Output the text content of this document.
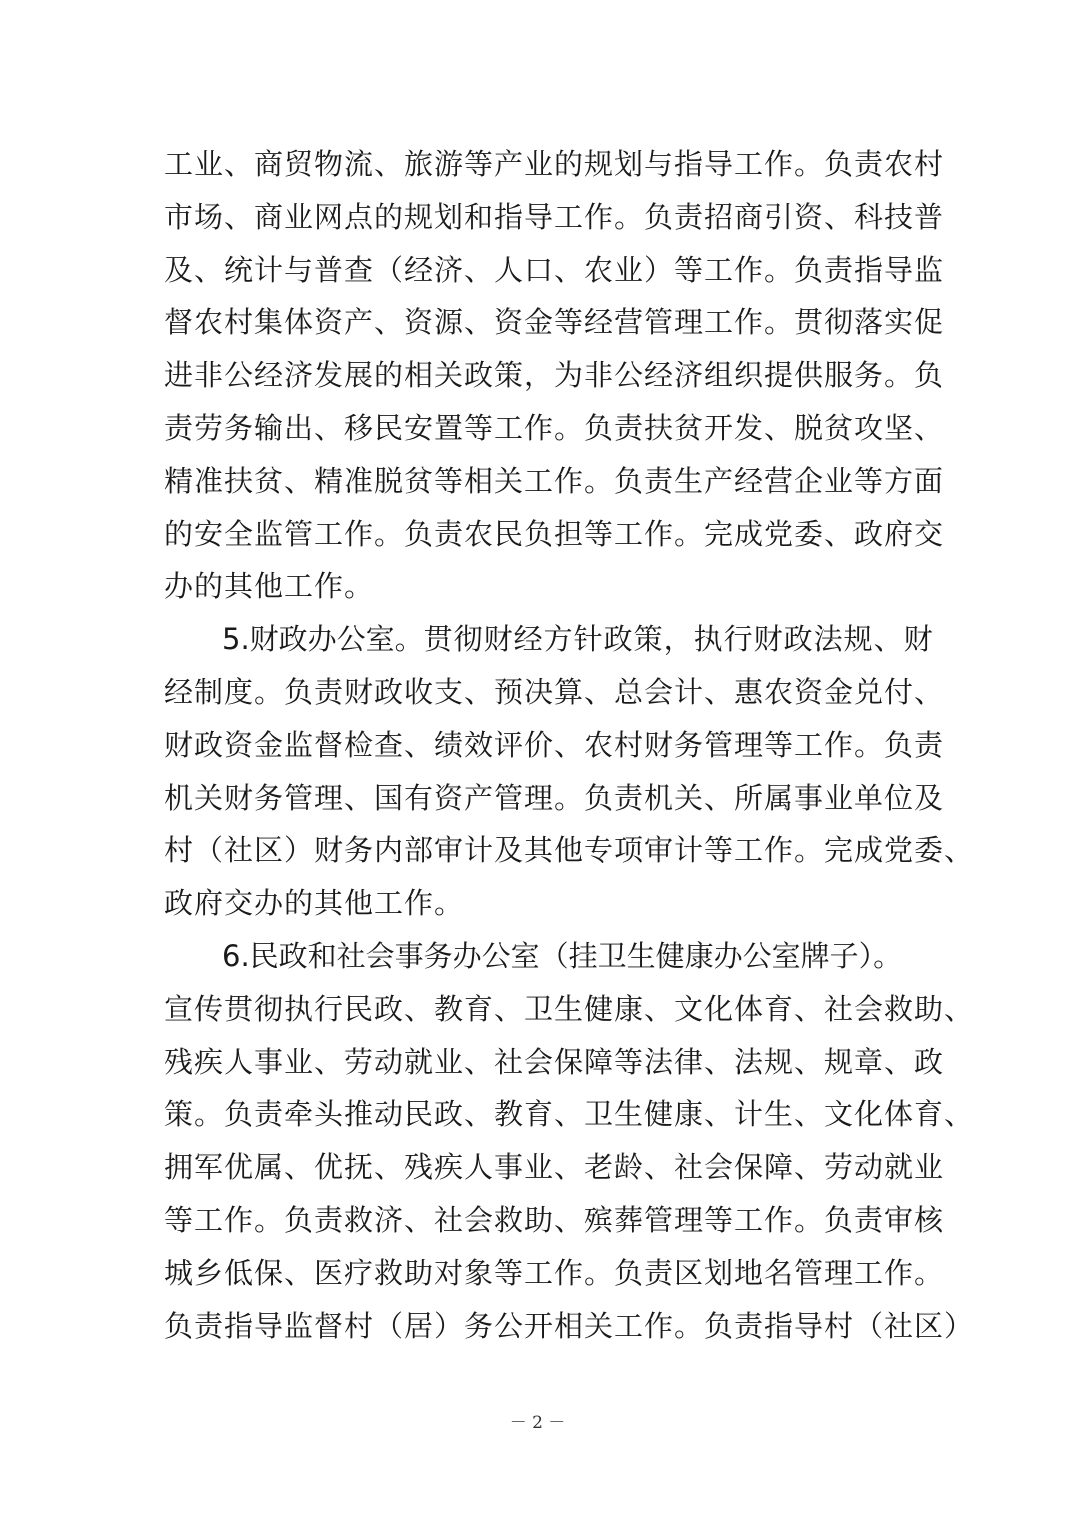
工业、商贸物流、旅游等产业的规划与指导工作。负责农村
市场、商业网点的规划和指导工作。负责招商引资、科技普
及、统计与普查（经济、人口、农业）等工作。负责指导监
督农村集体资产、资源、资金等经营管理工作。贯彻落实促
进非公经济发展的相关政策，为非公经济组织提供服务。负
责劳务输出、移民安置等工作。负责扶贫开发、脱贫攻坚、
精准扶贫、精准脱贫等相关工作。负责生产经营企业等方面
的安全监管工作。负责农民负担等工作。完成党委、政府交
办的其他工作。
5.财政办公室。贯彻财经方针政策，执行财政法规、财
经制度。负责财政收支、预决算、总会计、惠农资金兑付、
财政资金监督检查、绩效评价、农村财务管理等工作。负责
机关财务管理、国有资产管理。负责机关、所属事业单位及
村（社区）财务内部审计及其他专项审计等工作。完成党委、
政府交办的其他工作。
6.民政和社会事务办公室（挂卫生健康办公室牌子）。
宣传贯彻执行民政、教育、卫生健康、文化体育、社会救助、
残疾人事业、劳动就业、社会保障等法律、法规、规章、政
策。负责牵头推动民政、教育、卫生健康、计生、文化体育、
拥军优属、优抚、残疾人事业、老龄、社会保障、劳动就业
等工作。负责救济、社会救助、殡葬管理等工作。负责审核
城乡低保、医疗救助对象等工作。负责区划地名管理工作。
负责指导监督村（居）务公开相关工作。负责指导村（社区）
－ 2 －
